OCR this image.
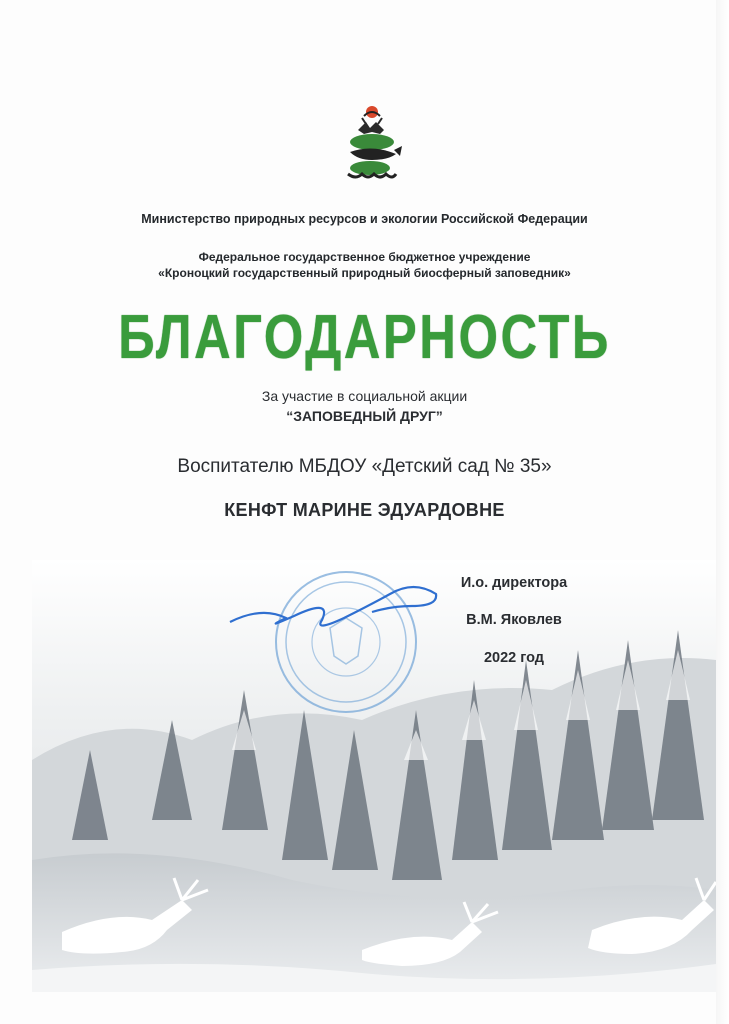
Министерство природных ресурсов и экологии Российской Федерации
Федеральное государственное бюджетное учреждение
«Кроноцкий государственный природный биосферный заповедник»
БЛАГОДАРНОСТЬ
За участие в социальной акции
“ЗАПОВЕДНЫЙ ДРУГ”
Воспитателю МБДОУ «Детский сад № 35»
КЕНФТ МАРИНЕ ЭДУАРДОВНЕ
И.о. директора
В.М. Яковлев
2022 год
